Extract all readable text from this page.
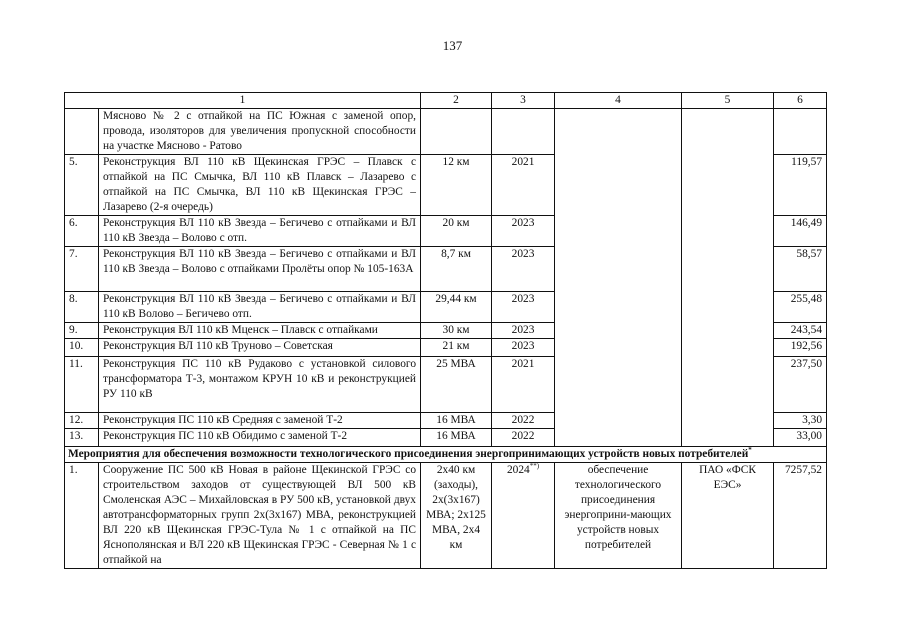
137
1		2	3	4	5	6
	Мясново № 2 с отпайкой на ПС Южная с заменой опор, провода, изоляторов для увеличения пропускной способности на участке Мясново - Ратово					
5.	Реконструкция ВЛ 110 кВ Щекинская ГРЭС – Плавск с отпайкой на ПС Смычка, ВЛ 110 кВ Плавск – Лазарево с отпайкой на ПС Смычка, ВЛ 110 кВ Щекинская ГРЭС – Лазарево (2-я очередь)	12 км	2021			119,57
6.	Реконструкция ВЛ 110 кВ Звезда – Бегичево с отпайками и ВЛ 110 кВ Звезда – Волово с отп.	20 км	2023			146,49
7.	Реконструкция ВЛ 110 кВ Звезда – Бегичево с отпайками и ВЛ 110 кВ Звезда – Волово с отпайками Пролёты опор № 105-163А	8,7 км	2023			58,57
8.	Реконструкция ВЛ 110 кВ Звезда – Бегичево с отпайками и ВЛ 110 кВ Волово – Бегичево отп.	29,44 км	2023			255,48
9.	Реконструкция ВЛ 110 кВ Мценск – Плавск с отпайками	30 км	2023			243,54
10.	Реконструкция ВЛ 110 кВ Труново – Советская	21 км	2023			192,56
11.	Реконструкция ПС 110 кВ Рудаково с установкой силового трансформатора Т-3, монтажом КРУН 10 кВ и реконструкцией РУ 110 кВ	25 МВА	2021			237,50
12.	Реконструкция ПС 110 кВ Средняя с заменой Т-2	16 МВА	2022			3,30
13.	Реконструкция ПС 110 кВ Обидимо с заменой Т-2	16 МВА	2022			33,00
Мероприятия для обеспечения возможности технологического присоединения энергопринимающих устройств новых потребителей*
1.	Сооружение ПС 500 кВ Новая в районе Щекинской ГРЭС со строительством заходов от существующей ВЛ 500 кВ Смоленская АЭС – Михайловская в РУ 500 кВ, установкой двух автотрансформаторных групп 2х(3х167) МВА, реконструкцией ВЛ 220 кВ Щекинская ГРЭС-Тула № 1 с отпайкой на ПС Яснополянская и ВЛ 220 кВ Щекинская ГРЭС - Северная № 1 с отпайкой на	2х40 км (заходы), 2х(3х167) МВА; 2х125 МВА, 2х4 км	2024**)	обеспечение технологического присоединения энергоприни-мающих устройств новых потребителей	ПАО «ФСК ЕЭС»	7257,52
